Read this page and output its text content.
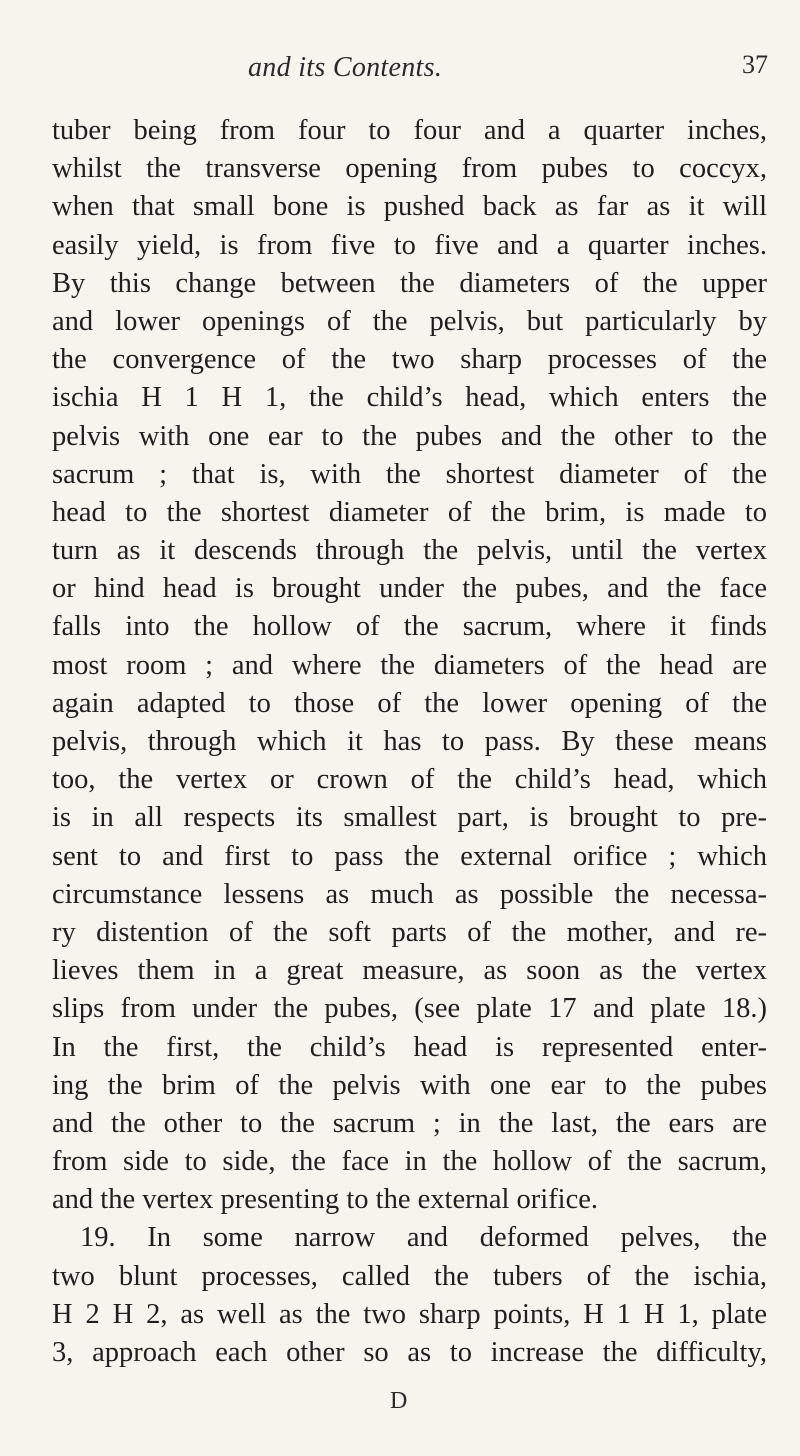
and its Contents.	37
tuber being from four to four and a quarter inches,
whilst the transverse opening from pubes to coccyx,
when that small bone is pushed back as far as it will
easily yield, is from five to five and a quarter inches.
By this change between the diameters of the upper
and lower openings of the pelvis, but particularly by
the convergence of the two sharp processes of the
ischia H 1 H 1, the child’s head, which enters the
pelvis with one ear to the pubes and the other to the
sacrum ; that is, with the shortest diameter of the
head to the shortest diameter of the brim, is made to
turn as it descends through the pelvis, until the vertex
or hind head is brought under the pubes, and the face
falls into the hollow of the sacrum, where it finds
most room ; and where the diameters of the head are
again adapted to those of the lower opening of the
pelvis, through which it has to pass. By these means
too, the vertex or crown of the child’s head, which
is in all respects its smallest part, is brought to pre-
sent to and first to pass the external orifice ; which
circumstance lessens as much as possible the necessa-
ry distention of the soft parts of the mother, and re-
lieves them in a great measure, as soon as the vertex
slips from under the pubes, (see plate 17 and plate 18.)
In the first, the child’s head is represented enter-
ing the brim of the pelvis with one ear to the pubes
and the other to the sacrum ; in the last, the ears are
from side to side, the face in the hollow of the sacrum,
and the vertex presenting to the external orifice.
19. In some narrow and deformed pelves, the
two blunt processes, called the tubers of the ischia,
H 2 H 2, as well as the two sharp points, H 1 H 1, plate
3, approach each other so as to increase the difficulty,
D
